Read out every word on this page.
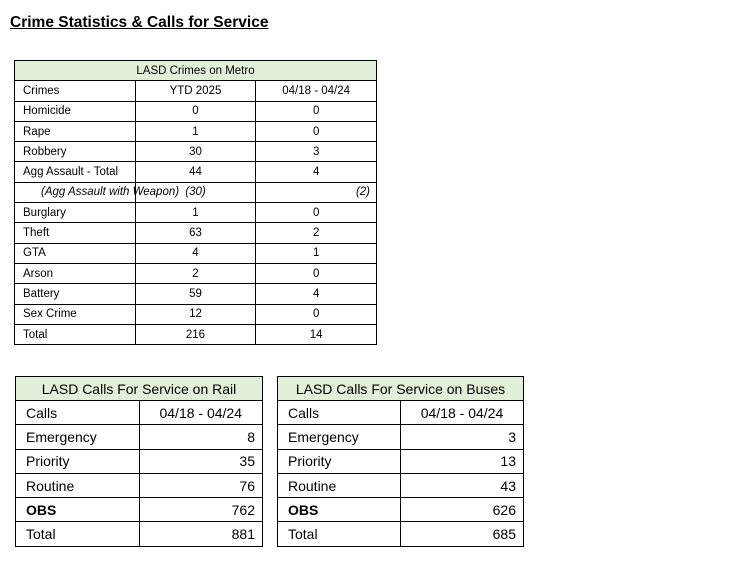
Crime Statistics & Calls for Service
LASD Crimes on Metro		
Crimes	YTD 2025	04/18 - 04/24
Homicide	0	0
Rape	1	0
Robbery	30	3
Agg Assault - Total	44	4
(Agg Assault with Weapon)	(30)	(2)
Burglary	1	0
Theft	63	2
GTA	4	1
Arson	2	0
Battery	59	4
Sex Crime	12	0
Total	216	14
LASD Calls For Service on Rail	
Calls	04/18 - 04/24
Emergency	8
Priority	35
Routine	76
OBS	762
Total	881
LASD Calls For Service on Buses	
Calls	04/18 - 04/24
Emergency	3
Priority	13
Routine	43
OBS	626
Total	685
